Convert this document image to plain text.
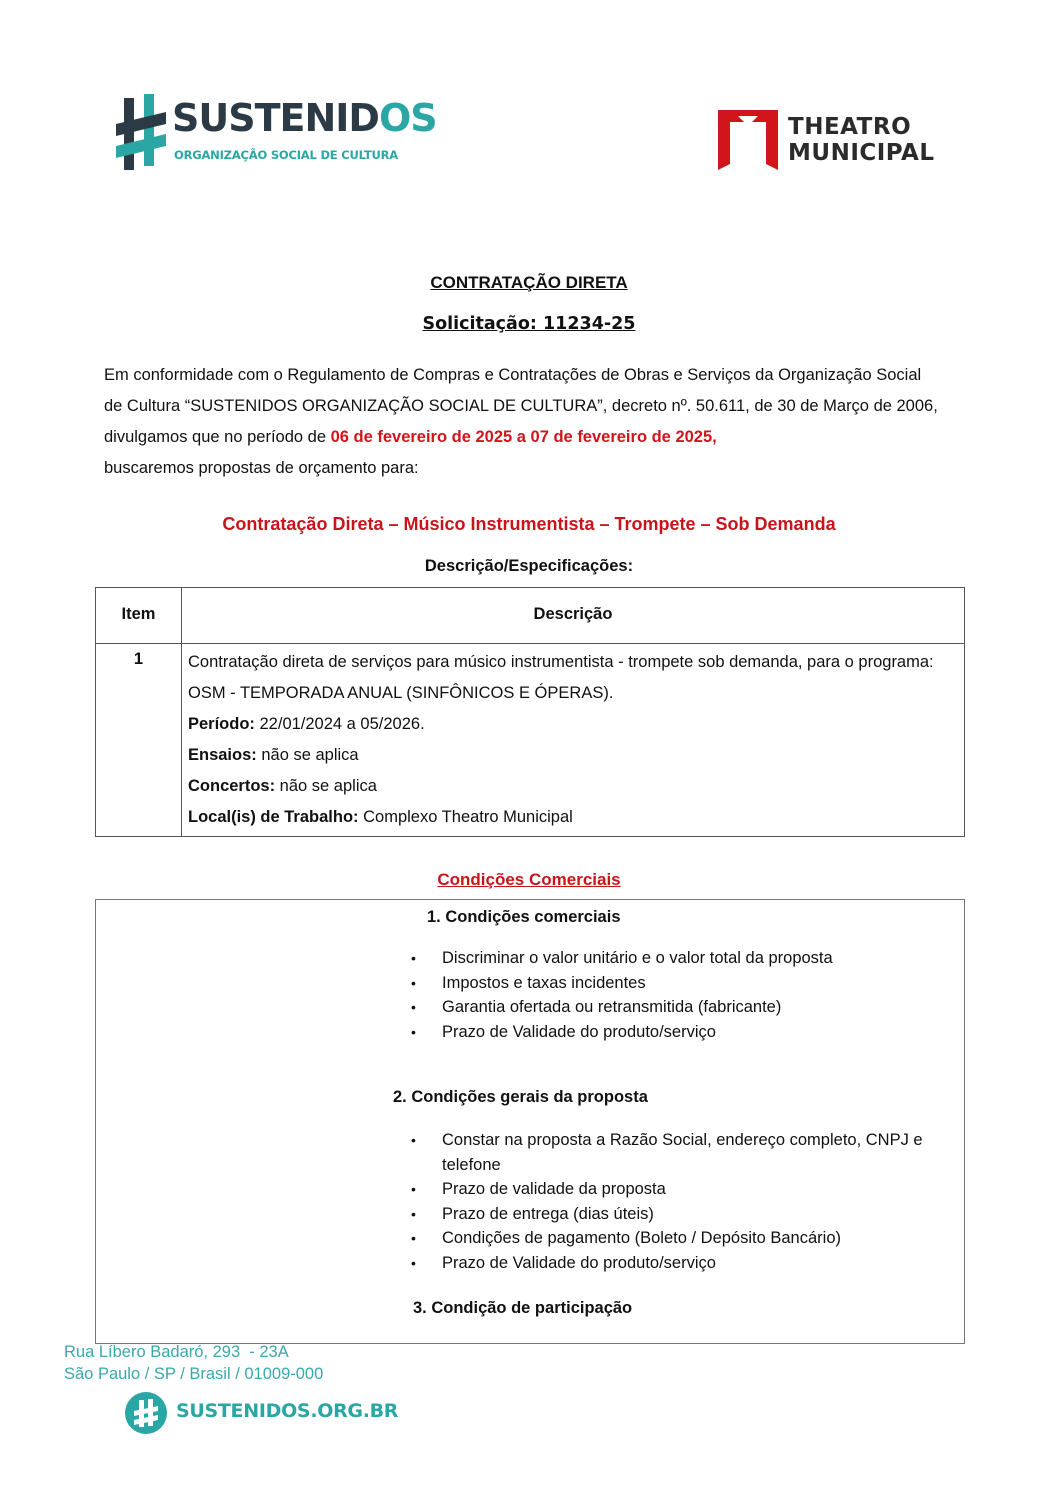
SUSTENIDOS
ORGANIZAÇÃO SOCIAL DE CULTURA
THEATRO
MUNICIPAL
CONTRATAÇÃO DIRETA
Solicitação: 11234-25
Em conformidade com o Regulamento de Compras e Contratações de Obras e Serviços da Organização Social de Cultura “SUSTENIDOS ORGANIZAÇÃO SOCIAL DE CULTURA”, decreto nº. 50.611, de 30 de Março de 2006, divulgamos que no período de 06 de fevereiro de 2025 a 07 de fevereiro de 2025,
buscaremos propostas de orçamento para:
Contratação Direta – Músico Instrumentista – Trompete – Sob Demanda
Descrição/Especificações:
Item	Descrição
1	Contratação direta de serviços para músico instrumentista - trompete sob demanda, para o programa: OSM - TEMPORADA ANUAL (SINFÔNICOS E ÓPERAS).
Período: 22/01/2024 a 05/2026.
Ensaios: não se aplica
Concertos: não se aplica
Local(is) de Trabalho: Complexo Theatro Municipal
Condições Comerciais
1. Condições comerciais
• Discriminar o valor unitário e o valor total da proposta
• Impostos e taxas incidentes
• Garantia ofertada ou retransmitida (fabricante)
• Prazo de Validade do produto/serviço
2. Condições gerais da proposta
• Constar na proposta a Razão Social, endereço completo, CNPJ e telefone
• Prazo de validade da proposta
• Prazo de entrega (dias úteis)
• Condições de pagamento (Boleto / Depósito Bancário)
• Prazo de Validade do produto/serviço
3. Condição de participação
Rua Líbero Badaró, 293  - 23A
São Paulo / SP / Brasil / 01009-000
SUSTENIDOS.ORG.BR
